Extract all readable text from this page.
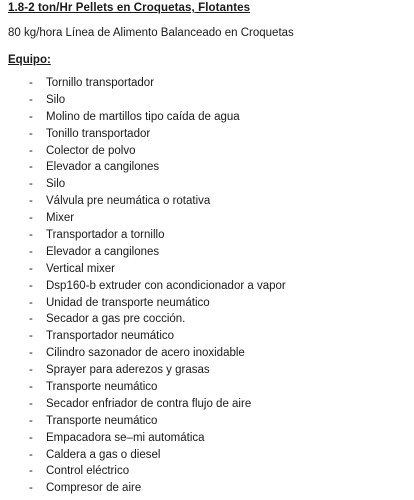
1.8-2 ton/Hr Pellets en Croquetas, Flotantes
80 kg/hora Línea de Alimento Balanceado en Croquetas
Equipo:
- Tornillo transportador
- Silo
- Molino de martillos tipo caída de agua
- Tonillo transportador
- Colector de polvo
- Elevador a cangilones
- Silo
- Válvula pre neumática o rotativa
- Mixer
- Transportador a tornillo
- Elevador a cangilones
- Vertical mixer
- Dsp160-b extruder con acondicionador a vapor
- Unidad de transporte neumático
- Secador a gas pre cocción.
- Transportador neumático
- Cilindro sazonador de acero inoxidable
- Sprayer para aderezos y grasas
- Transporte neumático
- Secador enfriador de contra flujo de aire
- Transporte neumático
- Empacadora se–mi automática
- Caldera a gas o diesel
- Control eléctrico
- Compresor de aire
